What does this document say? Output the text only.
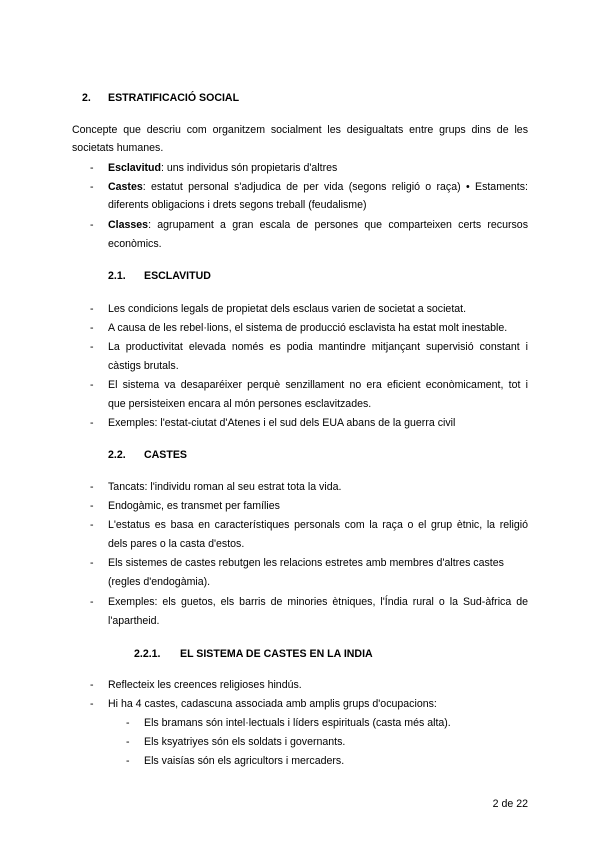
2. ESTRATIFICACIÓ SOCIAL
Concepte que descriu com organitzem socialment les desigualtats entre grups dins de les
societats humanes.
- Esclavitud: uns individus són propietaris d'altres
- Castes: estatut personal s'adjudica de per vida (segons religió o raça) • Estaments:
diferents obligacions i drets segons treball (feudalisme)
- Classes: agrupament a gran escala de persones que comparteixen certs recursos
econòmics.
2.1. ESCLAVITUD
- Les condicions legals de propietat dels esclaus varien de societat a societat.
- A causa de les rebel·lions, el sistema de producció esclavista ha estat molt inestable.
- La productivitat elevada només es podia mantindre mitjançant supervisió constant i
càstigs brutals.
- El sistema va desaparéixer perquè senzillament no era eficient econòmicament, tot i
que persisteixen encara al món persones esclavitzades.
- Exemples: l'estat-ciutat d'Atenes i el sud dels EUA abans de la guerra civil
2.2. CASTES
- Tancats: l'individu roman al seu estrat tota la vida.
- Endogàmic, es transmet per famílies
- L'estatus es basa en característiques personals com la raça o el grup ètnic, la religió
dels pares o la casta d'estos.
- Els sistemes de castes rebutgen les relacions estretes amb membres d'altres castes
(regles d'endogàmia).
- Exemples: els guetos, els barris de minories ètniques, l'Índia rural o la Sud-àfrica de
l'apartheid.
2.2.1. EL SISTEMA DE CASTES EN LA INDIA
- Reflecteix les creences religioses hindús.
- Hi ha 4 castes, cadascuna associada amb amplis grups d'ocupacions:
- Els bramans són intel·lectuals i líders espirituals (casta més alta).
- Els ksyatriyes són els soldats i governants.
- Els vaisías són els agricultors i mercaders.
2 de 22
